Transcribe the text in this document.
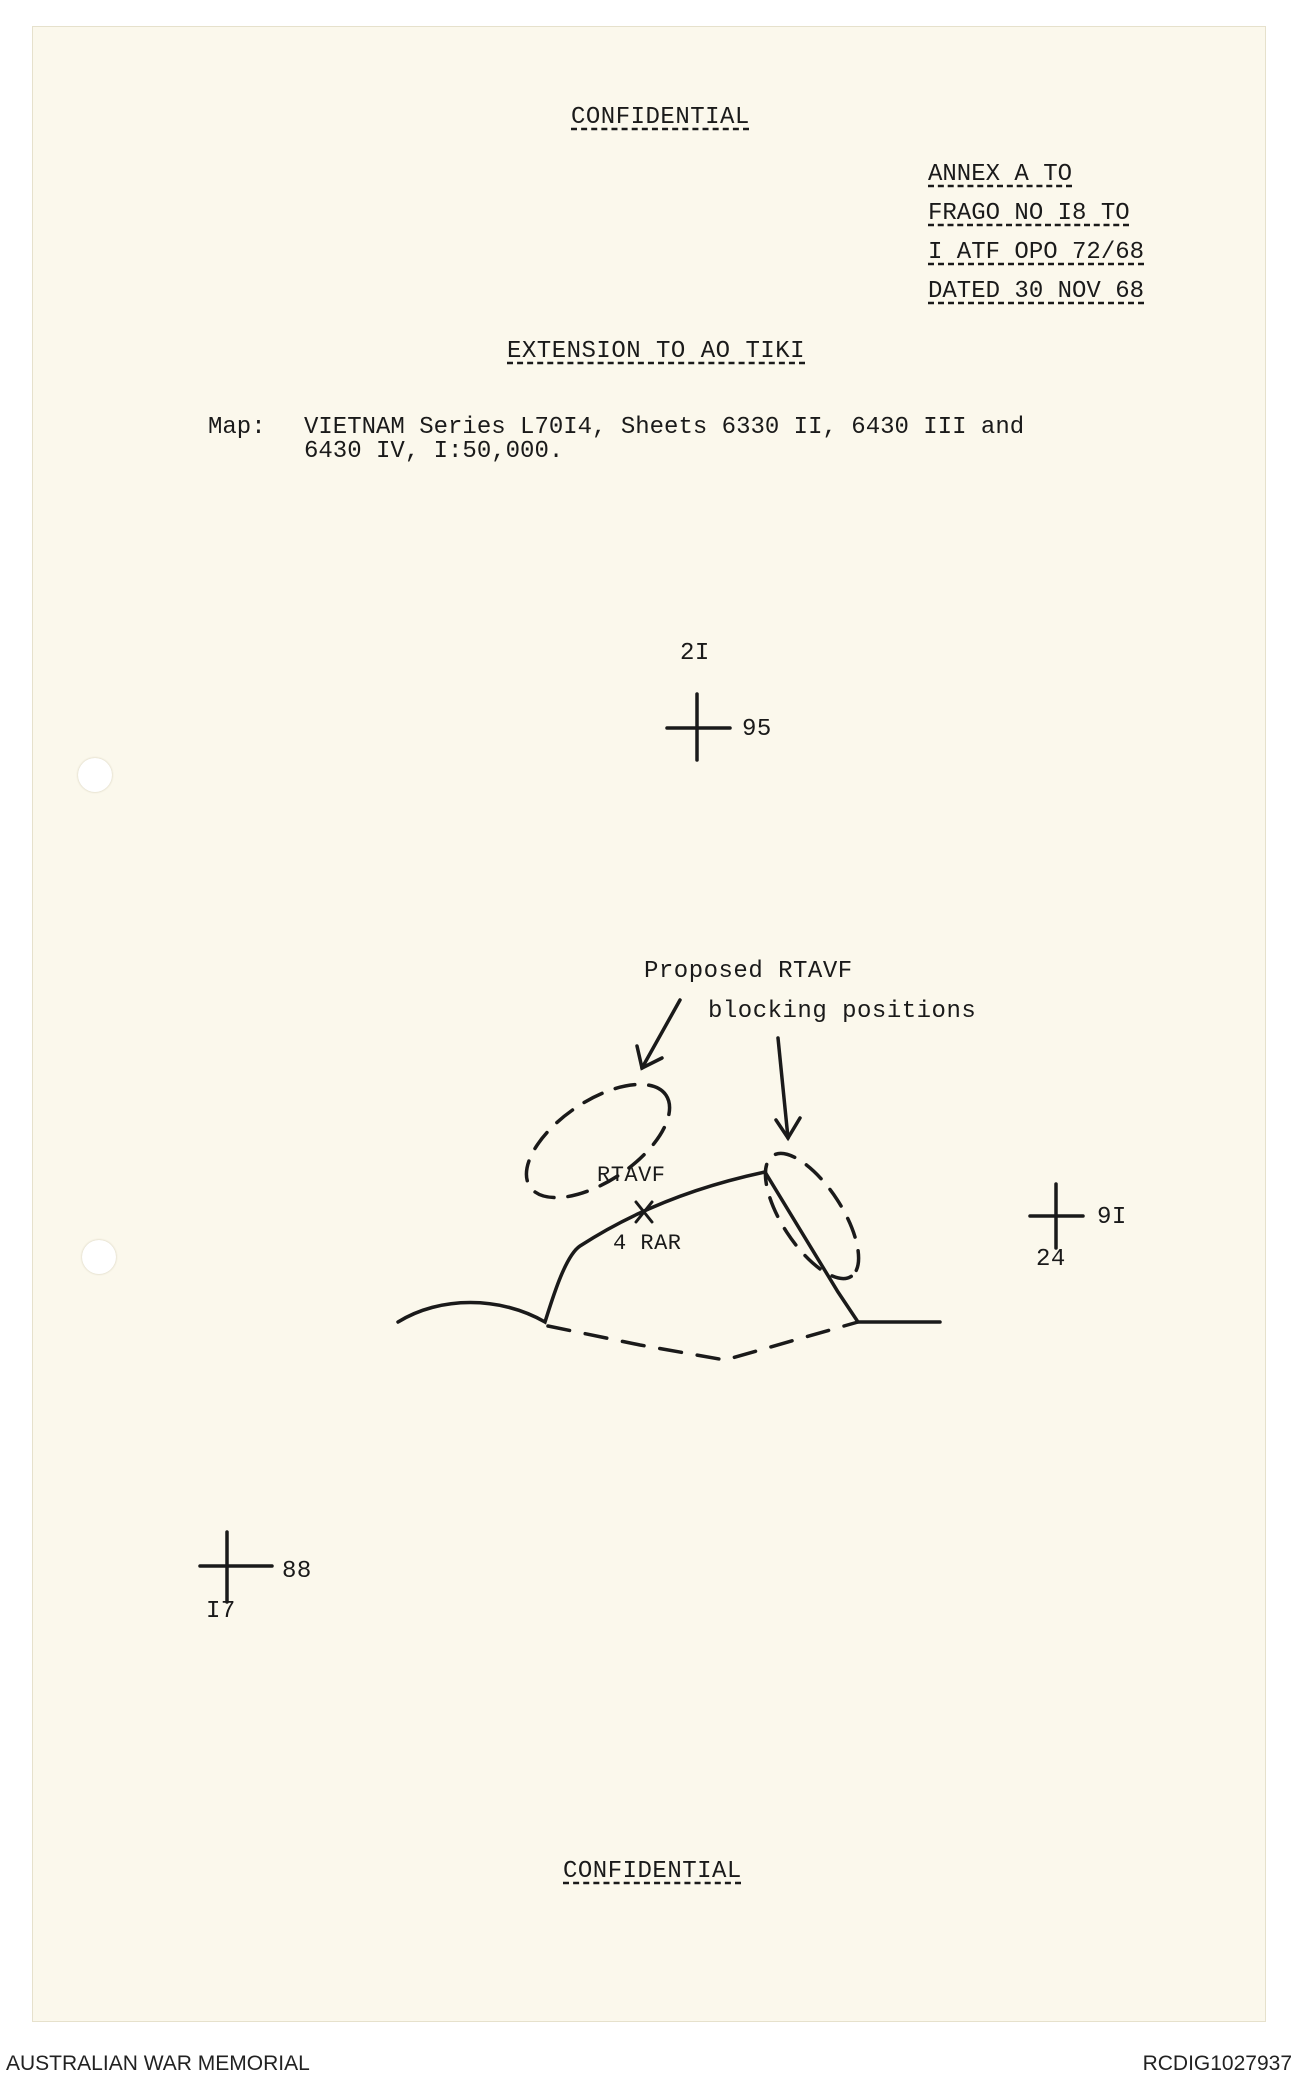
CONFIDENTIAL
ANNEX A TO
FRAGO NO I8 TO
I ATF OPO 72/68
DATED 30 NOV 68
EXTENSION TO AO TIKI
Map: VIETNAM Series L70I4, Sheets 6330 II, 6430 III and
6430 IV, I:50,000.
2I
95
9I
24
88
I7
Proposed RTAVF
blocking positions
RTAVF
4 RAR
CONFIDENTIAL
AUSTRALIAN WAR MEMORIAL	RCDIG1027937
